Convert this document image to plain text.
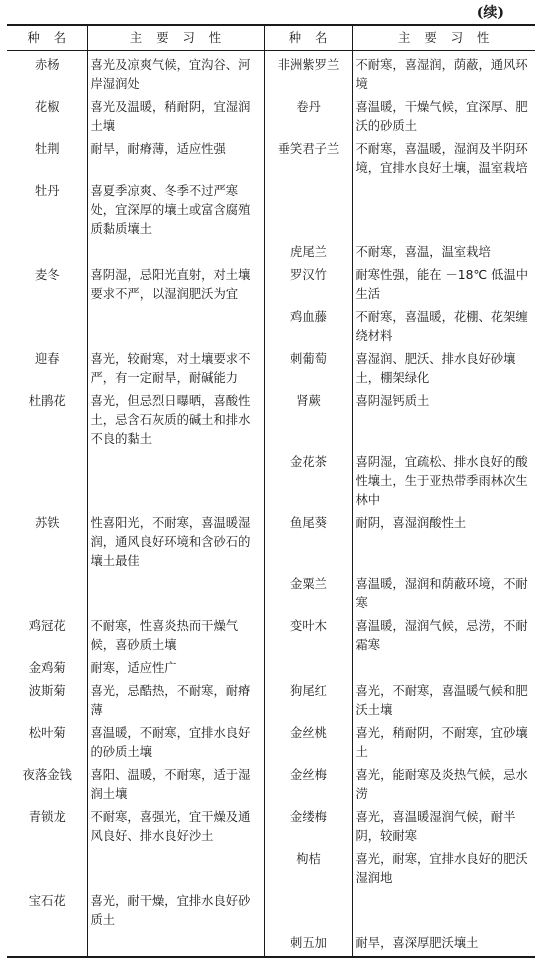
(续)
种名	主要习性	种名	主要习性
赤杨	喜光及凉爽气候，宜沟谷、河岸湿润处	非洲紫罗兰	不耐寒，喜湿润，荫蔽，通风环境
花椒	喜光及温暖，稍耐阴，宜湿润土壤	卷丹	喜温暖，干燥气候，宜深厚、肥沃的砂质土
牡荆	耐旱，耐瘠薄，适应性强	垂笑君子兰	不耐寒，喜温暖，湿润及半阴环境，宜排水良好土壤，温室栽培
牡丹	喜夏季凉爽、冬季不过严寒处，宜深厚的壤土或富含腐殖质黏质壤土		
		虎尾兰	不耐寒，喜温，温室栽培
麦冬	喜阴湿，忌阳光直射，对土壤要求不严，以湿润肥沃为宜	罗汉竹	耐寒性强，能在 －18℃ 低温中生活
		鸡血藤	不耐寒，喜温暖，花棚、花架缠绕材料
迎春	喜光，较耐寒，对土壤要求不严，有一定耐旱，耐碱能力	刺葡萄	喜湿润、肥沃、排水良好砂壤土，棚架绿化
杜鹃花	喜光，但忌烈日曝晒，喜酸性土，忌含石灰质的碱土和排水不良的黏土	肾蕨	喜阴湿钙质土
		金花茶	喜阴湿，宜疏松、排水良好的酸性壤土，生于亚热带季雨林次生林中
苏铁	性喜阳光，不耐寒，喜温暖湿润，通风良好环境和含砂石的壤土最佳	鱼尾葵	耐阴，喜湿润酸性土
		金粟兰	喜温暖，湿润和荫蔽环境，不耐寒
鸡冠花	不耐寒，性喜炎热而干燥气候，喜砂质土壤	变叶木	喜温暖，湿润气候，忌涝，不耐霜寒
金鸡菊	耐寒，适应性广		
波斯菊	喜光，忌酷热，不耐寒，耐瘠薄	狗尾红	喜光，不耐寒，喜温暖气候和肥沃土壤
松叶菊	喜温暖，不耐寒，宜排水良好的砂质土壤	金丝桃	喜光，稍耐阴，不耐寒，宜砂壤土
夜落金钱	喜阳、温暖，不耐寒，适于湿润土壤	金丝梅	喜光，能耐寒及炎热气候，忌水涝
青锁龙	不耐寒，喜强光，宜干燥及通风良好、排水良好沙土	金缕梅	喜光，喜温暖湿润气候，耐半阴，较耐寒
		枸桔	喜光，耐寒，宜排水良好的肥沃湿润地
宝石花	喜光，耐干燥，宜排水良好砂质土		
		刺五加	耐旱，喜深厚肥沃壤土
